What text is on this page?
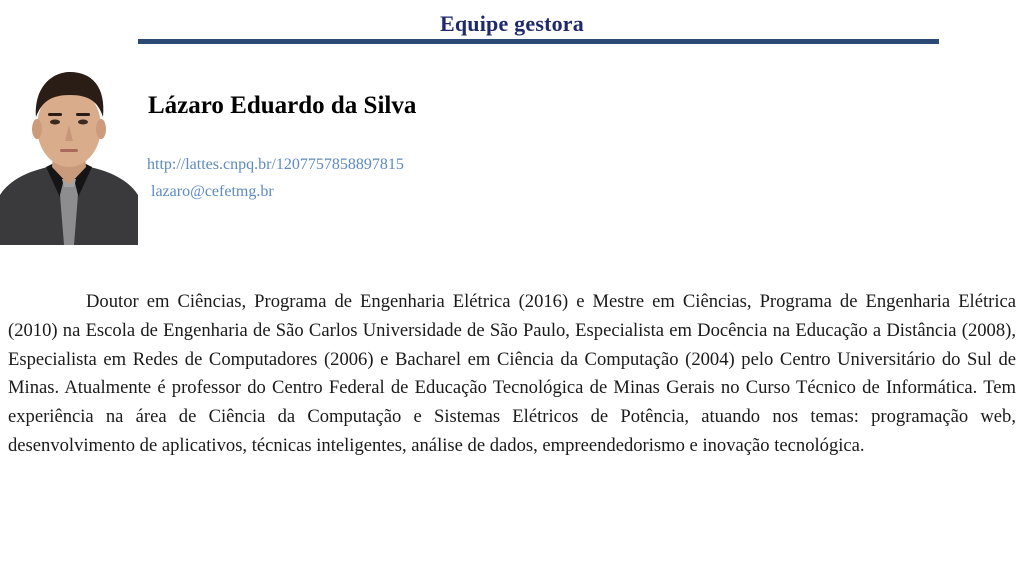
Equipe gestora
Lázaro Eduardo da Silva
http://lattes.cnpq.br/1207757858897815
lazaro@cefetmg.br

Doutor em Ciências, Programa de Engenharia Elétrica (2016) e Mestre em Ciências, Programa de Engenharia Elétrica (2010) na Escola de Engenharia de São Carlos Universidade de São Paulo, Especialista em Docência na Educação a Distância (2008), Especialista em Redes de Computadores (2006) e Bacharel em Ciência da Computação (2004) pelo Centro Universitário do Sul de Minas. Atualmente é professor do Centro Federal de Educação Tecnológica de Minas Gerais no Curso Técnico de Informática. Tem experiência na área de Ciência da Computação e Sistemas Elétricos de Potência, atuando nos temas: programação web, desenvolvimento de aplicativos, técnicas inteligentes, análise de dados, empreendedorismo e inovação tecnológica.
